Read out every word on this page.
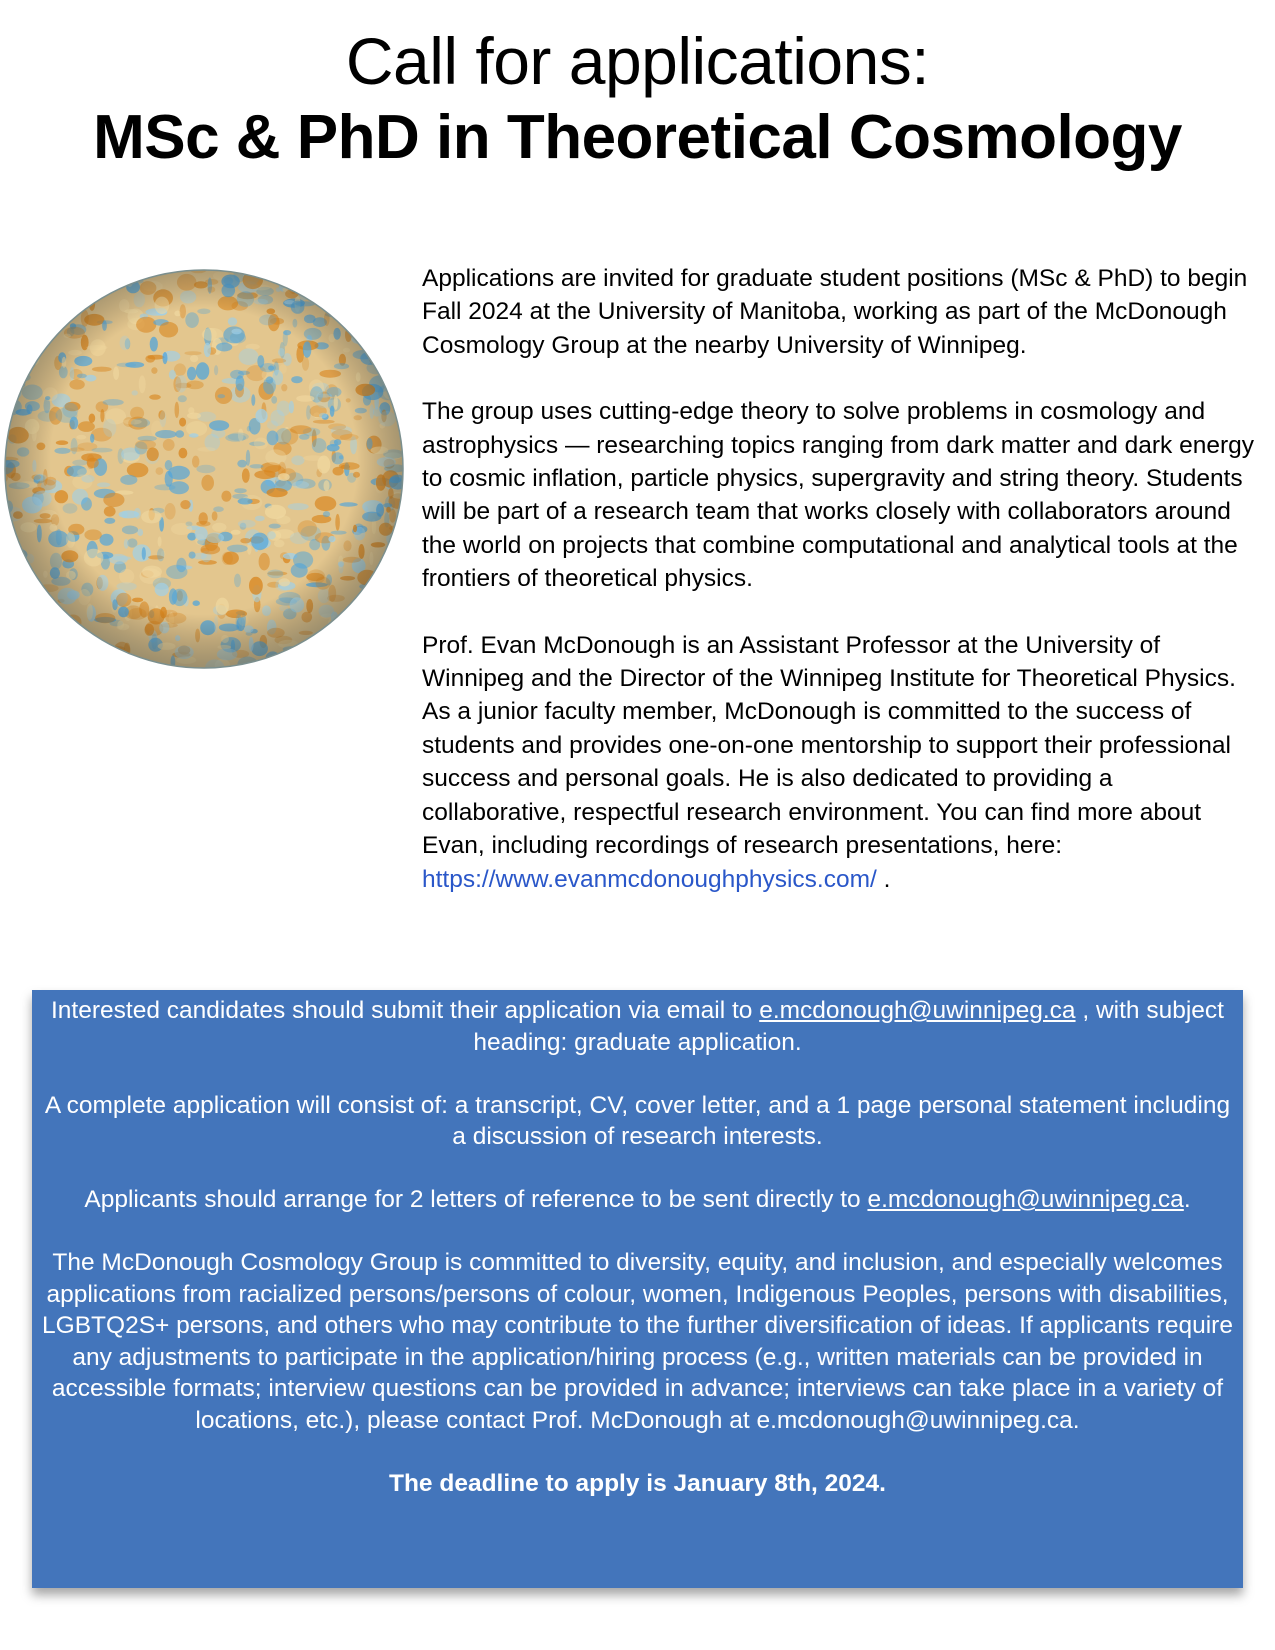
Call for applications:
MSc & PhD in Theoretical Cosmology

Applications are invited for graduate student positions (MSc & PhD) to begin Fall 2024 at the University of Manitoba, working as part of the McDonough Cosmology Group at the nearby University of Winnipeg.

The group uses cutting-edge theory to solve problems in cosmology and astrophysics — researching topics ranging from dark matter and dark energy to cosmic inflation, particle physics, supergravity and string theory. Students will be part of a research team that works closely with collaborators around the world on projects that combine computational and analytical tools at the frontiers of theoretical physics.

Prof. Evan McDonough is an Assistant Professor at the University of Winnipeg and the Director of the Winnipeg Institute for Theoretical Physics. As a junior faculty member, McDonough is committed to the success of students and provides one-on-one mentorship to support their professional success and personal goals. He is also dedicated to providing a collaborative, respectful research environment. You can find more about Evan, including recordings of research presentations, here: https://www.evanmcdonoughphysics.com/ .

Interested candidates should submit their application via email to e.mcdonough@uwinnipeg.ca , with subject heading: graduate application.

A complete application will consist of: a transcript, CV, cover letter, and a 1 page personal statement including a discussion of research interests.

Applicants should arrange for 2 letters of reference to be sent directly to e.mcdonough@uwinnipeg.ca.

The McDonough Cosmology Group is committed to diversity, equity, and inclusion, and especially welcomes applications from racialized persons/persons of colour, women, Indigenous Peoples, persons with disabilities, LGBTQ2S+ persons, and others who may contribute to the further diversification of ideas. If applicants require any adjustments to participate in the application/hiring process (e.g., written materials can be provided in accessible formats; interview questions can be provided in advance; interviews can take place in a variety of locations, etc.), please contact Prof. McDonough at e.mcdonough@uwinnipeg.ca.

The deadline to apply is January 8th, 2024.
